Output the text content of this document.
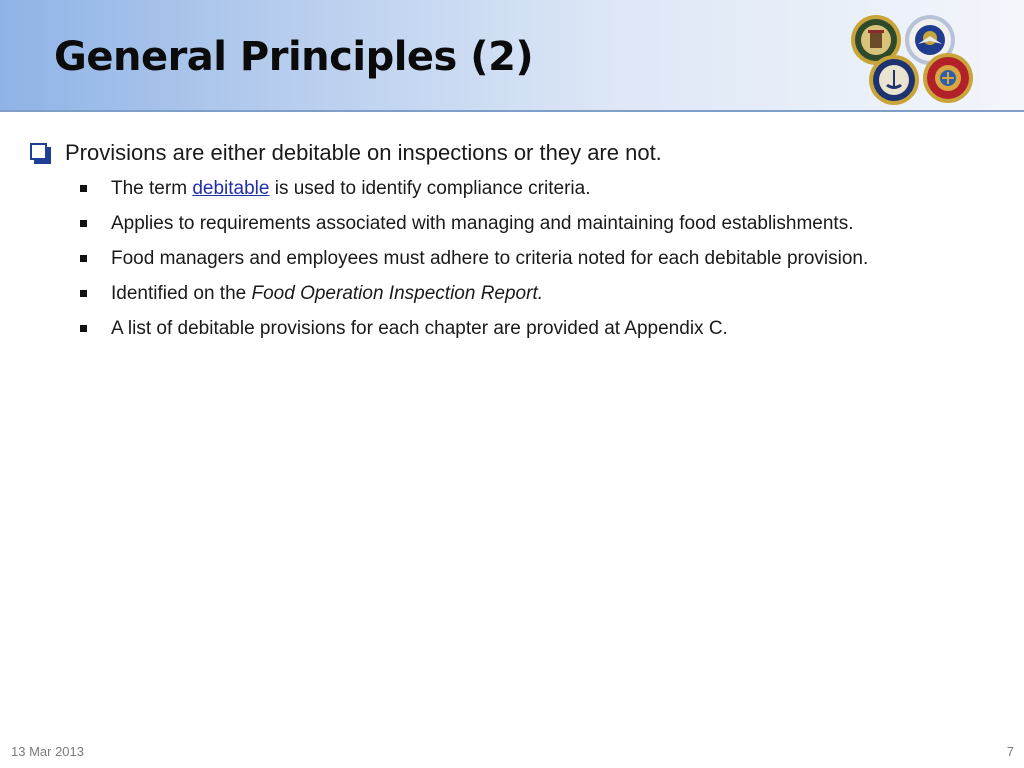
General Principles (2)
Provisions are either debitable on inspections or they are not.
The term debitable is used to identify compliance criteria.
Applies to requirements associated with managing and maintaining food establishments.
Food managers and employees must adhere to criteria noted for each debitable provision.
Identified on the Food Operation Inspection Report.
A list of debitable provisions for each chapter are provided at Appendix C.
13 Mar 2013	7
